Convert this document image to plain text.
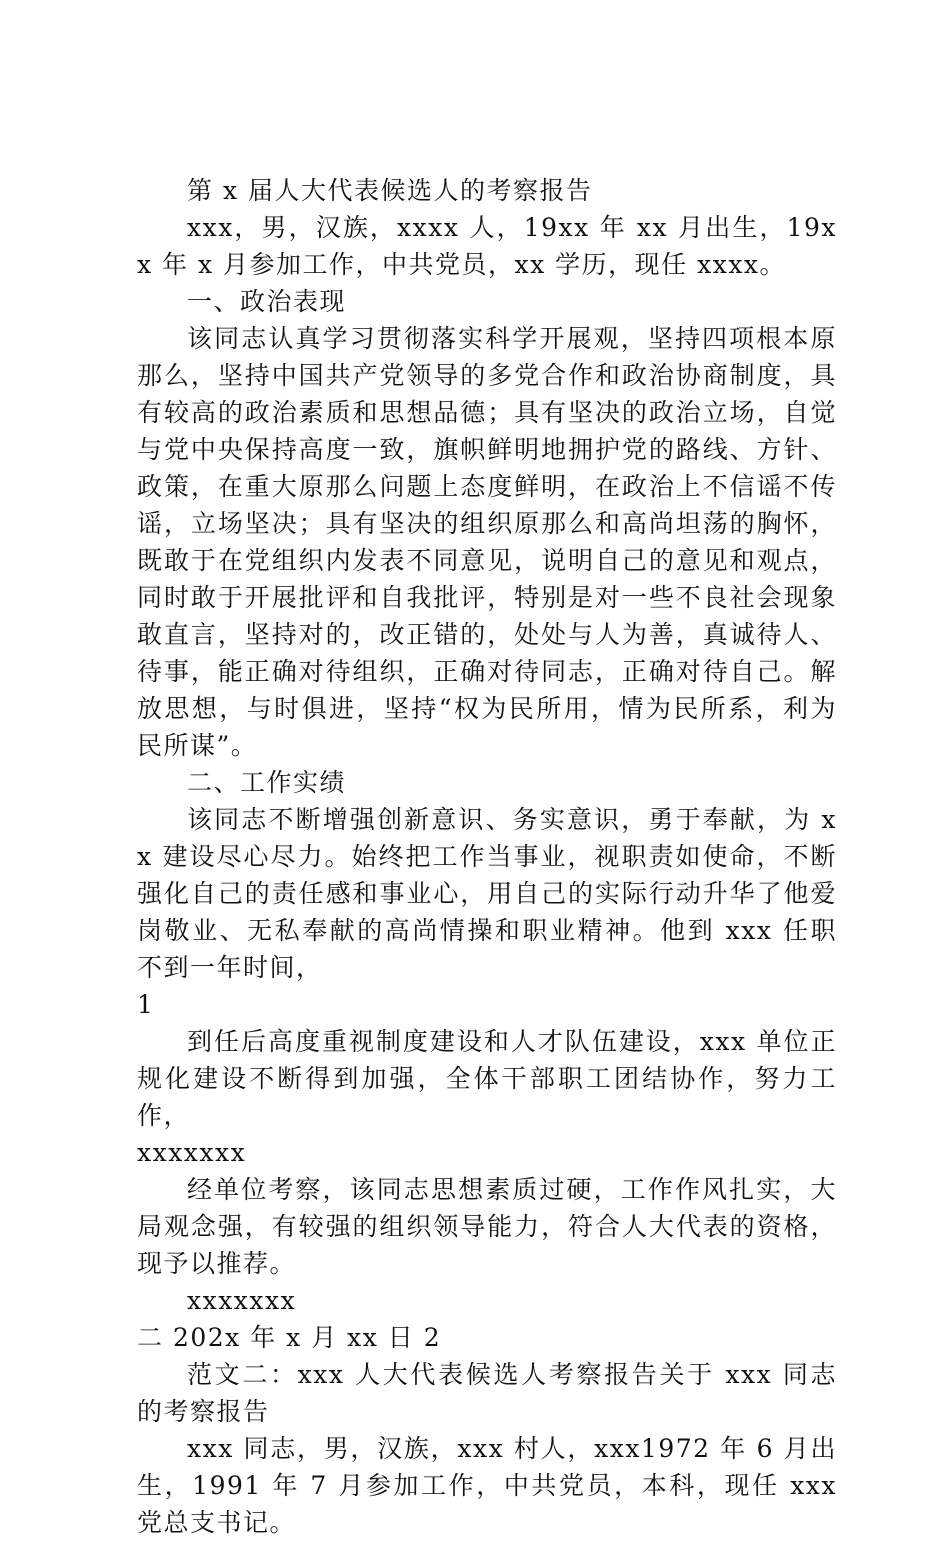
第 x 届人大代表候选人的考察报告

xxx，男，汉族，xxxx 人，19xx 年 xx 月出生，19xx 年 x 月参加工作，中共党员，xx 学历，现任 xxxx。

一、政治表现

该同志认真学习贯彻落实科学开展观，坚持四项根本原那么，坚持中国共产党领导的多党合作和政治协商制度，具有较高的政治素质和思想品德；具有坚决的政治立场，自觉与党中央保持高度一致，旗帜鲜明地拥护党的路线、方针、政策，在重大原那么问题上态度鲜明，在政治上不信谣不传谣，立场坚决；具有坚决的组织原那么和高尚坦荡的胸怀，既敢于在党组织内发表不同意见，说明自己的意见和观点，同时敢于开展批评和自我批评，特别是对一些不良社会现象敢直言，坚持对的，改正错的，处处与人为善，真诚待人、待事，能正确对待组织，正确对待同志，正确对待自己。解放思想，与时俱进，坚持“权为民所用，情为民所系，利为民所谋”。

二、工作实绩

该同志不断增强创新意识、务实意识，勇于奉献，为 xx 建设尽心尽力。始终把工作当事业，视职责如使命，不断强化自己的责任感和事业心，用自己的实际行动升华了他爱岗敬业、无私奉献的高尚情操和职业精神。他到 xxx 任职不到一年时间，

1

到任后高度重视制度建设和人才队伍建设，xxx 单位正规化建设不断得到加强，全体干部职工团结协作，努力工作，

xxxxxxx

经单位考察，该同志思想素质过硬，工作作风扎实，大局观念强，有较强的组织领导能力，符合人大代表的资格，现予以推荐。

xxxxxxx

二 202x 年 x 月 xx 日 2

范文二：xxx 人大代表候选人考察报告关于 xxx 同志的考察报告

xxx 同志，男，汉族，xxx 村人，xxx1972 年 6 月出生，1991 年 7 月参加工作，中共党员，本科，现任 xxx 党总支书记。
